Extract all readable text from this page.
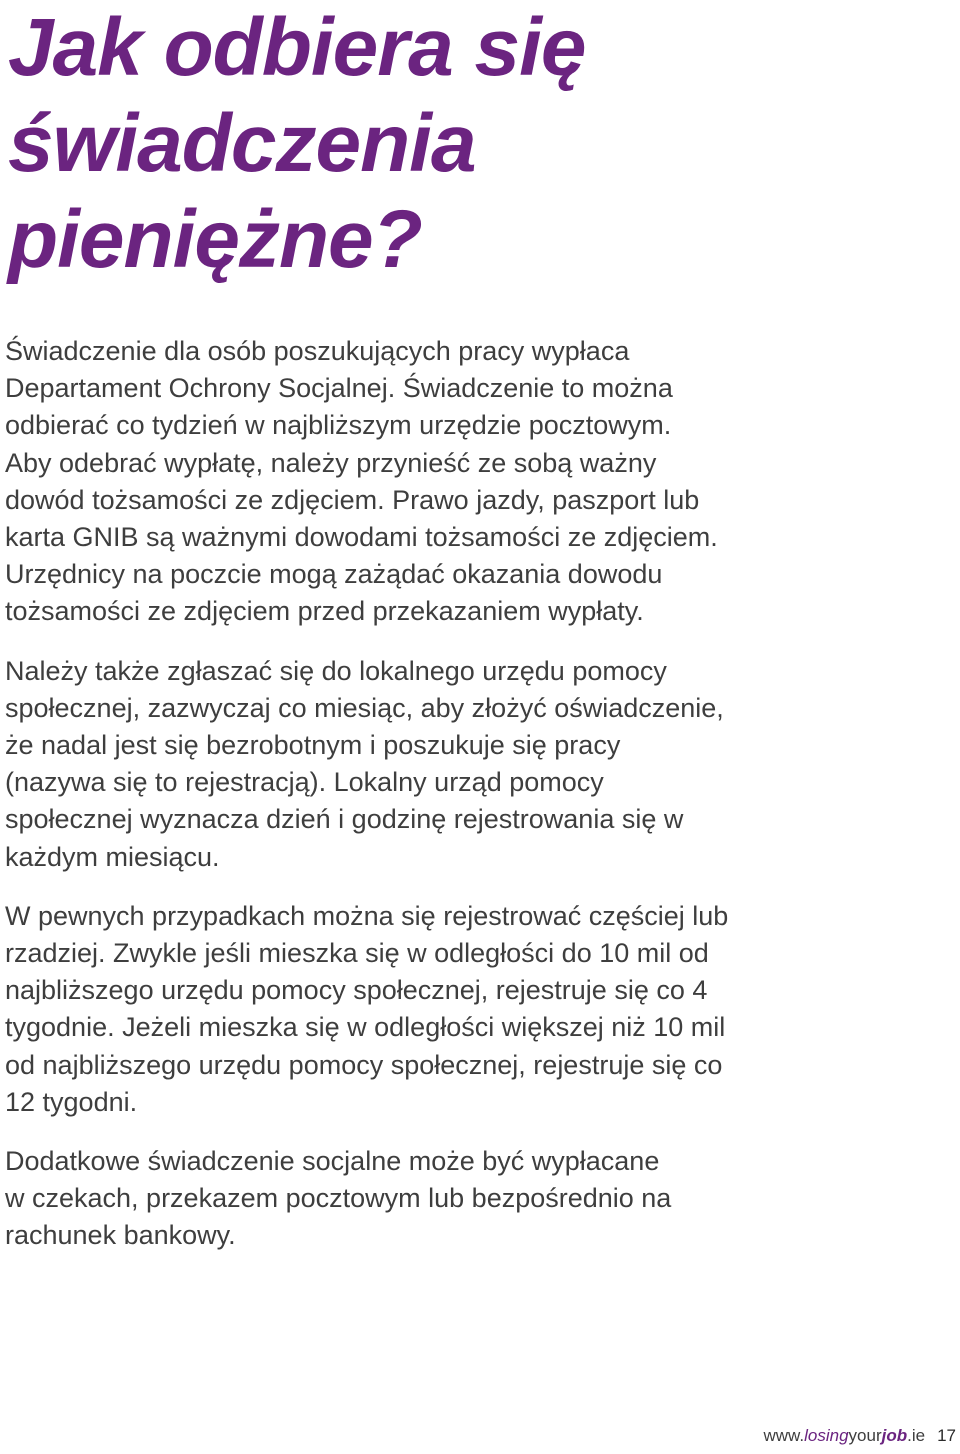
Jak odbiera się
świadczenia
pieniężne?

Świadczenie dla osób poszukujących pracy wypłaca
Departament Ochrony Socjalnej. Świadczenie to można
odbierać co tydzień w najbliższym urzędzie pocztowym.
Aby odebrać wypłatę, należy przynieść ze sobą ważny
dowód tożsamości ze zdjęciem. Prawo jazdy, paszport lub
karta GNIB są ważnymi dowodami tożsamości ze zdjęciem.
Urzędnicy na poczcie mogą zażądać okazania dowodu
tożsamości ze zdjęciem przed przekazaniem wypłaty.

Należy także zgłaszać się do lokalnego urzędu pomocy
społecznej, zazwyczaj co miesiąc, aby złożyć oświadczenie,
że nadal jest się bezrobotnym i poszukuje się pracy
(nazywa się to rejestracją). Lokalny urząd pomocy
społecznej wyznacza dzień i godzinę rejestrowania się w
każdym miesiącu.

W pewnych przypadkach można się rejestrować częściej lub
rzadziej. Zwykle jeśli mieszka się w odległości do 10 mil od
najbliższego urzędu pomocy społecznej, rejestruje się co 4
tygodnie. Jeżeli mieszka się w odległości większej niż 10 mil
od najbliższego urzędu pomocy społecznej, rejestruje się co
12 tygodni.

Dodatkowe świadczenie socjalne może być wypłacane
w czekach, przekazem pocztowym lub bezpośrednio na
rachunek bankowy.

www.losingyourjob.ie 17
